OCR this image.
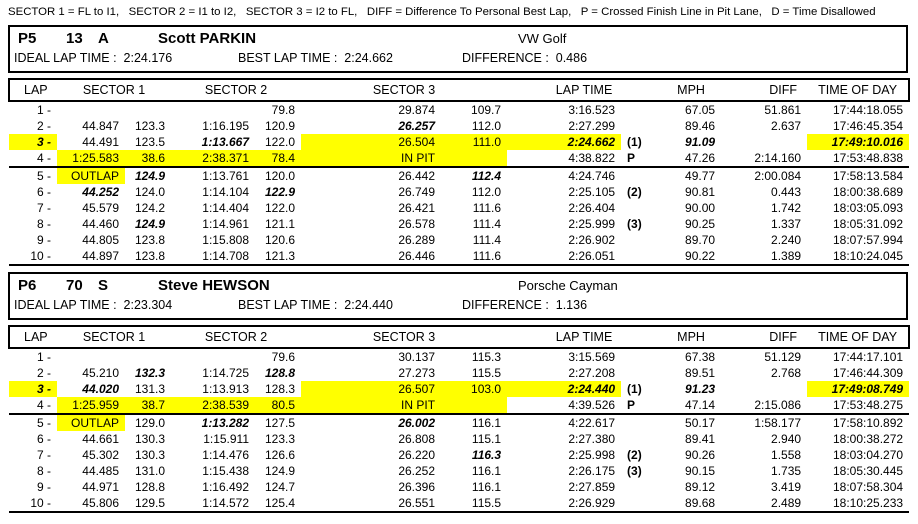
SECTOR 1 = FL to I1,   SECTOR 2 = I1 to I2,   SECTOR 3 = I2 to FL,   DIFF = Difference To Personal Best Lap,   P = Crossed Finish Line in Pit Lane,   D = Time Disallowed
P5 13 A	Scott PARKIN	VW Golf
IDEAL LAP TIME :  2:24.176	BEST LAP TIME :  2:24.662	DIFFERENCE :  0.486
LAP	SECTOR 1		SECTOR 2		SECTOR 3		LAP TIME		MPH	DIFF	TIME OF DAY
1 -				79.8	29.874	109.7	3:16.523		67.05	51.861	17:44:18.055
2 -	44.847	123.3	1:16.195	120.9	26.257	112.0	2:27.299		89.46	2.637	17:46:45.354
3 -	44.491	123.5	1:13.667	122.0	26.504	111.0	2:24.662	(1)	91.09		17:49:10.016
4 -	1:25.583	38.6	2:38.371	78.4	IN PIT		4:38.822	P	47.26	2:14.160	17:53:48.838
5 -	OUTLAP	124.9	1:13.761	120.0	26.442	112.4	4:24.746		49.77	2:00.084	17:58:13.584
6 -	44.252	124.0	1:14.104	122.9	26.749	112.0	2:25.105	(2)	90.81	0.443	18:00:38.689
7 -	45.579	124.2	1:14.404	122.0	26.421	111.6	2:26.404		90.00	1.742	18:03:05.093
8 -	44.460	124.9	1:14.961	121.1	26.578	111.4	2:25.999	(3)	90.25	1.337	18:05:31.092
9 -	44.805	123.8	1:15.808	120.6	26.289	111.4	2:26.902		89.70	2.240	18:07:57.994
10 -	44.897	123.8	1:14.708	121.3	26.446	111.6	2:26.051		90.22	1.389	18:10:24.045
P6 70 S	Steve HEWSON	Porsche Cayman
IDEAL LAP TIME :  2:23.304	BEST LAP TIME :  2:24.440	DIFFERENCE :  1.136
LAP	SECTOR 1		SECTOR 2		SECTOR 3		LAP TIME		MPH	DIFF	TIME OF DAY
1 -				79.6	30.137	115.3	3:15.569		67.38	51.129	17:44:17.101
2 -	45.210	132.3	1:14.725	128.8	27.273	115.5	2:27.208		89.51	2.768	17:46:44.309
3 -	44.020	131.3	1:13.913	128.3	26.507	103.0	2:24.440	(1)	91.23		17:49:08.749
4 -	1:25.959	38.7	2:38.539	80.5	IN PIT		4:39.526	P	47.14	2:15.086	17:53:48.275
5 -	OUTLAP	129.0	1:13.282	127.5	26.002	116.1	4:22.617		50.17	1:58.177	17:58:10.892
6 -	44.661	130.3	1:15.911	123.3	26.808	115.1	2:27.380		89.41	2.940	18:00:38.272
7 -	45.302	130.3	1:14.476	126.6	26.220	116.3	2:25.998	(2)	90.26	1.558	18:03:04.270
8 -	44.485	131.0	1:15.438	124.9	26.252	116.1	2:26.175	(3)	90.15	1.735	18:05:30.445
9 -	44.971	128.8	1:16.492	124.7	26.396	116.1	2:27.859		89.12	3.419	18:07:58.304
10 -	45.806	129.5	1:14.572	125.4	26.551	115.5	2:26.929		89.68	2.489	18:10:25.233
